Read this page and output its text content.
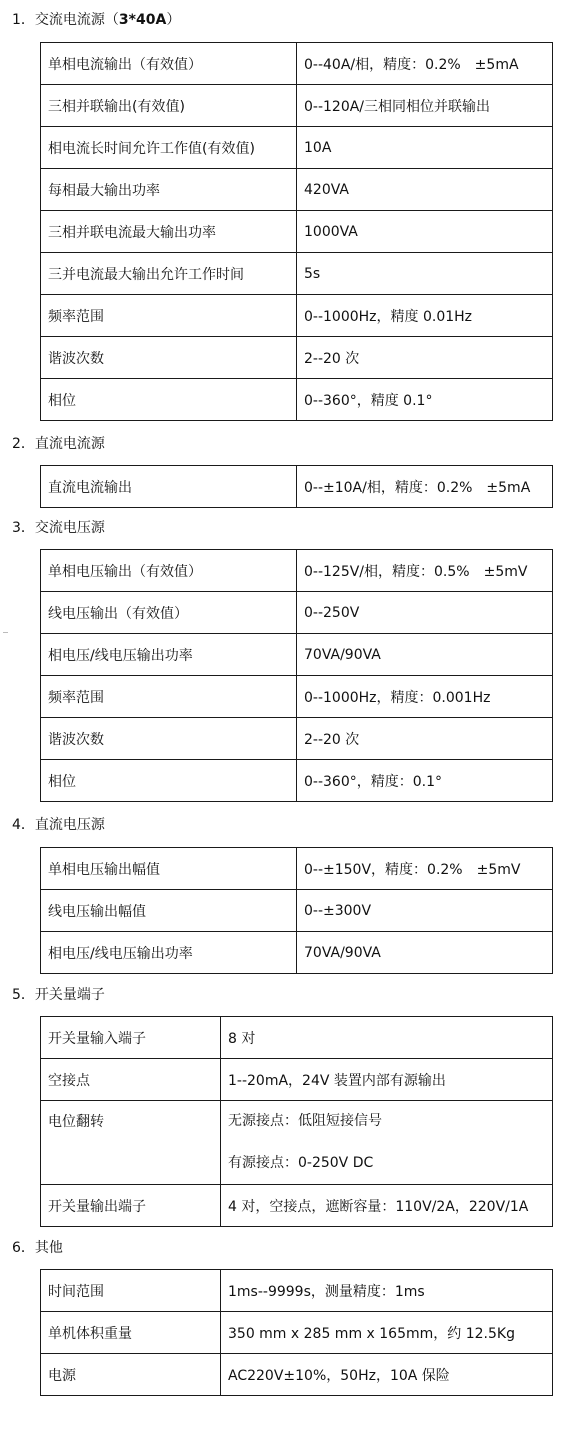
1．交流电流源（3*40A）
单相电流输出（有效值）	0--40A/相，精度：0.2%　±5mA
三相并联输出(有效值)	0--120A/三相同相位并联输出
相电流长时间允许工作值(有效值)	10A
每相最大输出功率	420VA
三相并联电流最大输出功率	1000VA
三并电流最大输出允许工作时间	5s
频率范围	0--1000Hz，精度 0.01Hz
谐波次数	2--20 次
相位	0--360°，精度 0.1°
2．直流电流源
直流电流输出	0--±10A/相，精度：0.2%　±5mA
3．交流电压源
单相电压输出（有效值）	0--125V/相，精度：0.5%　±5mV
线电压输出（有效值）	0--250V
相电压/线电压输出功率	70VA/90VA
频率范围	0--1000Hz，精度：0.001Hz
谐波次数	2--20 次
相位	0--360°，精度：0.1°
4．直流电压源
单相电压输出幅值	0--±150V，精度：0.2%　±5mV
线电压输出幅值	0--±300V
相电压/线电压输出功率	70VA/90VA
5．开关量端子
开关量输入端子	8 对
空接点	1--20mA，24V 装置内部有源输出
电位翻转	无源接点：低阻短接信号
有源接点：0-250V DC

开关量输出端子	4 对，空接点，遮断容量：110V/2A，220V/1A
6．其他
时间范围	1ms--9999s，测量精度：1ms
单机体积重量	350 mm x 285 mm x 165mm，约 12.5Kg
电源	AC220V±10%，50Hz，10A 保险
